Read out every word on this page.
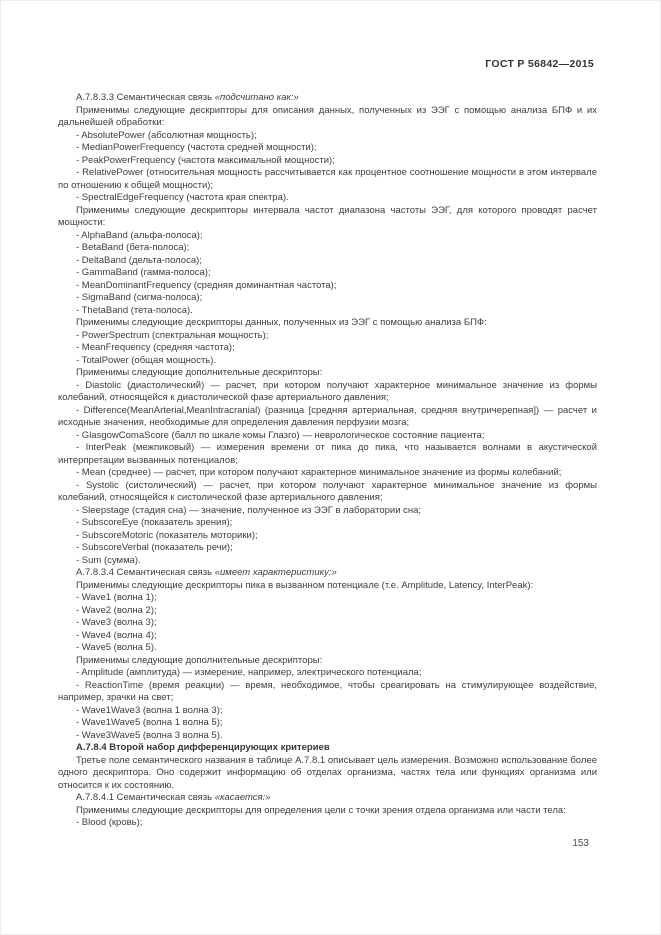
ГОСТ Р 56842—2015

А.7.8.3.3 Семантическая связь «подсчитано как:»

Применимы следующие дескрипторы для описания данных, полученных из ЭЭГ с помощью анализа БПФ и их дальнейшей обработки:

- AbsolutePower (абсолютная мощность);

- MedianPowerFrequency (частота средней мощности);

- PeakPowerFrequency (частота максимальной мощности);

- RelativePower (относительная мощность рассчитывается как процентное соотношение мощности в этом интервале по отношению к общей мощности);

- SpectralEdgeFrequency (частота края спектра).

Применимы следующие дескрипторы интервала частот диапазона частоты ЭЭГ, для которого проводят расчет мощности:

- AlphaBand (альфа-полоса);

- BetaBand (бета-полоса);

- DeltaBand (дельта-полоса);

- GammaBand (гамма-полоса);

- MeanDominantFrequency (средняя доминантная частота);

- SigmaBand (сигма-полоса);

- ThetaBand (тета-полоса).

Применимы следующие дескрипторы данных, полученных из ЭЭГ с помощью анализа БПФ:

- PowerSpectrum (спектральная мощность);

- MeanFrequency (средняя частота);

- TotalPower (общая мощность).

Применимы следующие дополнительные дескрипторы:

- Diastolic (диастолический) — расчет, при котором получают характерное минимальное значение из формы колебаний, относящейся к диастолической фазе артериального давления;

- Difference(MeanArterial,MeanIntracranial) (разница [средняя артериальная, средняя внутричерепная]) — расчет и исходные значения, необходимые для определения давления перфузии мозга;

- GlasgowComaScore (балл по шкале комы Глазго) — неврологическое состояние пациента;

- InterPeak (межпиковый) — измерения времени от пика до пика, что называется волнами в акустической интерпретации вызванных потенциалов;

- Mean (среднее) — расчет, при котором получают характерное минимальное значение из формы колебаний;

- Systolic (систолический) — расчет, при котором получают характерное минимальное значение из формы колебаний, относящейся к систолической фазе артериального давления;

- Sleepstage (стадия сна) — значение, полученное из ЭЭГ в лаборатории сна;

- SubscoreEye (показатель зрения);

- SubscoreMotoric (показатель моторики);

- SubscoreVerbal (показатель речи);

- Sum (сумма).

А.7.8.3.4 Семантическая связь «имеет характеристику:»

Применимы следующие дескрипторы пика в вызванном потенциале (т.е. Amplitude, Latency, InterPeak):

- Wave1 (волна 1);

- Wave2 (волна 2);

- Wave3 (волна 3);

- Wave4 (волна 4);

- Wave5 (волна 5).

Применимы следующие дополнительные дескрипторы:

- Amplitude (амплитуда) — измерение, например, электрического потенциала;

- ReactionTime (время реакции) — время, необходимое, чтобы среагировать на стимулирующее воздействие, например, зрачки на свет;

- Wave1Wave3 (волна 1 волна 3);

- Wave1Wave5 (волна 1 волна 5);

- Wave3Wave5 (волна 3 волна 5).

А.7.8.4 Второй набор дифференцирующих критериев

Третье поле семантического названия в таблице А.7.8.1 описывает цель измерения. Возможно использование более одного дескриптора. Оно содержит информацию об отделах организма, частях тела или функциях организма или относится к их состоянию.

А.7.8.4.1 Семантическая связь «касается:»

Применимы следующие дескрипторы для определения цели с точки зрения отдела организма или части тела:

- Blood (кровь);

153
